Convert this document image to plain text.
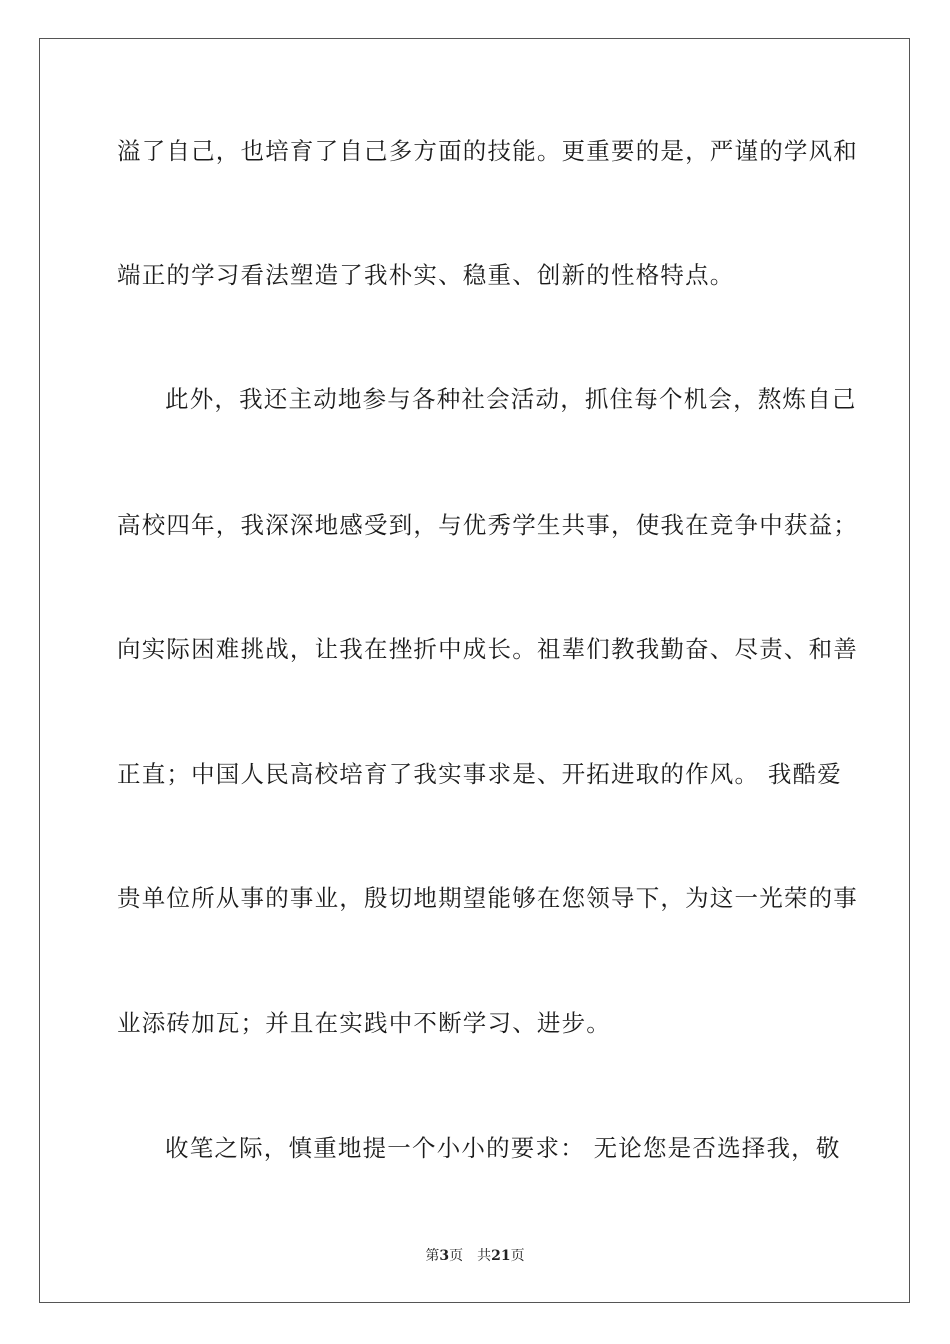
溢了自己，也培育了自己多方面的技能。更重要的是，严谨的学风和
端正的学习看法塑造了我朴实、稳重、创新的性格特点。
此外，我还主动地参与各种社会活动，抓住每个机会，熬炼自己
高校四年，我深深地感受到，与优秀学生共事，使我在竞争中获益；
向实际困难挑战，让我在挫折中成长。祖辈们教我勤奋、尽责、和善
正直；中国人民高校培育了我实事求是、开拓进取的作风。 我酷爱
贵单位所从事的事业，殷切地期望能够在您领导下，为这一光荣的事
业添砖加瓦；并且在实践中不断学习、进步。
收笔之际，慎重地提一个小小的要求： 无论您是否选择我，敬
第3页 共21页
